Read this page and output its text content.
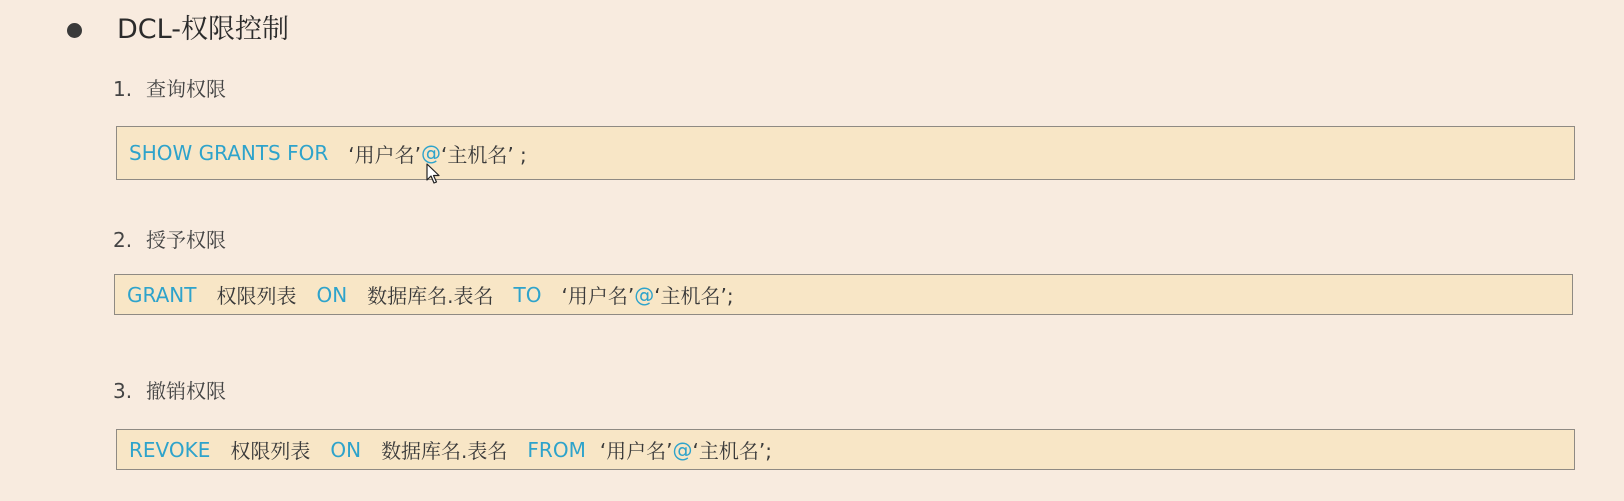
DCL-权限控制
1. 查询权限
SHOW GRANTS FOR ‘用户名’ @ ‘主机名’ ;
2. 授予权限
GRANT 权限列表 ON 数据库名.表名 TO ‘用户名’ @ ‘主机名’;
3. 撤销权限
REVOKE 权限列表 ON 数据库名.表名 FROM ‘用户名’ @ ‘主机名’;
